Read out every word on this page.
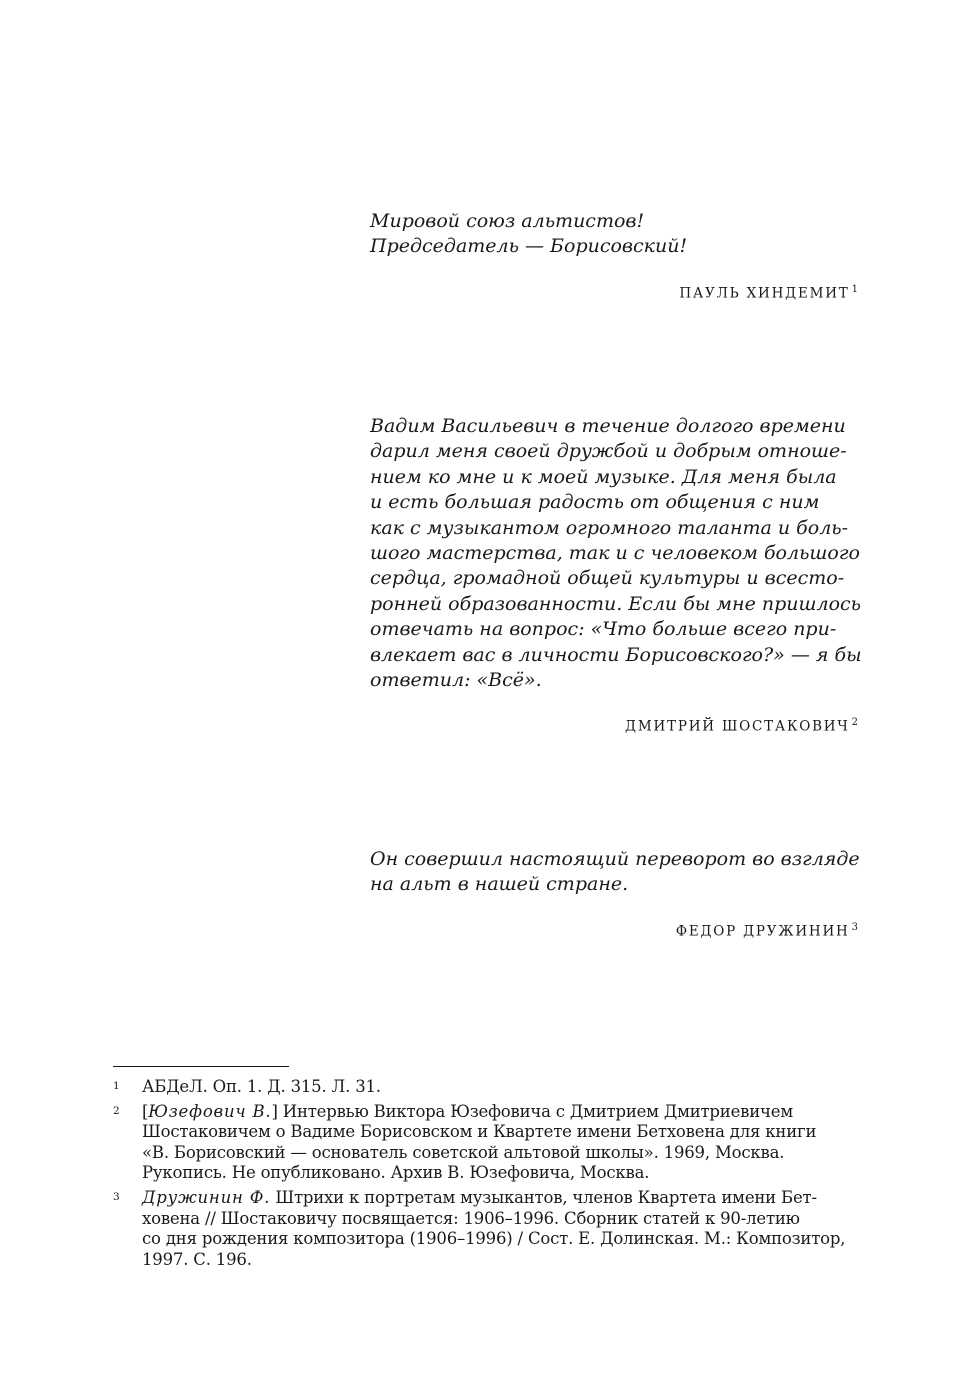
Мировой союз альтистов!
Председатель — Борисовский!
ПАУЛЬ ХИНДЕМИТ $^1$
Вадим Васильевич в течение долгого времени
дарил меня своей дружбой и добрым отноше-
нием ко мне и к моей музыке. Для меня была
и есть большая радость от общения с ним
как с музыкантом огромного таланта и боль-
шого мастерства, так и с человеком большого
сердца, громадной общей культуры и всесто-
ронней образованности. Если бы мне пришлось
отвечать на вопрос: «Что больше всего при-
влекает вас в личности Борисовского?» — я бы
ответил: «Всё».
ДМИТРИЙ ШОСТАКОВИЧ $^2$
Он совершил настоящий переворот во взгляде
на альт в нашей стране.
ФЕДОР ДРУЖИНИН $^3$
1 АБДеЛ. Оп. 1. Д. 315. Л. 31.
2 [Юзефович В.] Интервью Виктора Юзефовича с Дмитрием Дмитриевичем
Шостаковичем о Вадиме Борисовском и Квартете имени Бетховена для книги
«В. Борисовский — основатель советской альтовой школы». 1969, Москва.
Рукопись. Не опубликовано. Архив В. Юзефовича, Москва.
3 Дружинин Ф. Штрихи к портретам музыкантов, членов Квартета имени Бет-
ховена // Шостаковичу посвящается: 1906–1996. Сборник статей к 90-летию
со дня рождения композитора (1906–1996) / Сост. Е. Долинская. М.: Композитор,
1997. С. 196.
